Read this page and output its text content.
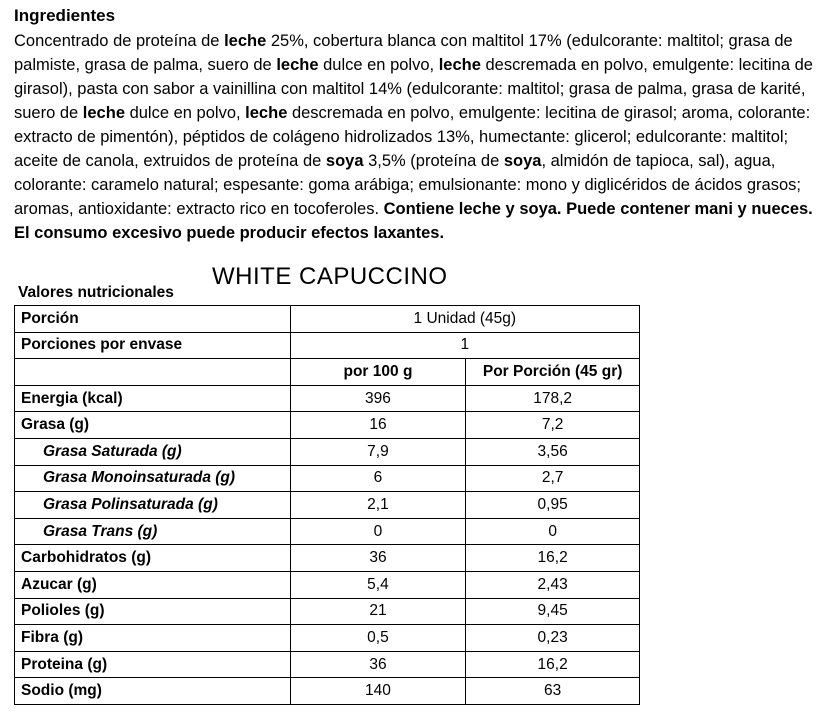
Ingredientes

Concentrado de proteína de leche 25%, cobertura blanca con maltitol 17% (edulcorante: maltitol; grasa de palmiste, grasa de palma, suero de leche dulce en polvo, leche descremada en polvo, emulgente: lecitina de girasol), pasta con sabor a vainillina con maltitol 14% (edulcorante: maltitol; grasa de palma, grasa de karité, suero de leche dulce en polvo, leche descremada en polvo, emulgente: lecitina de girasol; aroma, colorante: extracto de pimentón), péptidos de colágeno hidrolizados 13%, humectante: glicerol; edulcorante: maltitol; aceite de canola, extruidos de proteína de soya 3,5% (proteína de soya, almidón de tapioca, sal), agua, colorante: caramelo natural; espesante: goma arábiga; emulsionante: mono y diglicéridos de ácidos grasos; aromas, antioxidante: extracto rico en tocoferoles. Contiene leche y soya. Puede contener mani y nueces. El consumo excesivo puede producir efectos laxantes.

WHITE CAPUCCINO
Valores nutricionales
Porción	1 Unidad (45g)	
Porciones por envase	1	
	por 100 g	Por Porción (45 gr)
Energia (kcal)	396	178,2
Grasa (g)	16	7,2
Grasa Saturada (g)	7,9	3,56
Grasa Monoinsaturada (g)	6	2,7
Grasa Polinsaturada (g)	2,1	0,95
Grasa Trans (g)	0	0
Carbohidratos (g)	36	16,2
Azucar (g)	5,4	2,43
Polioles (g)	21	9,45
Fibra (g)	0,5	0,23
Proteina (g)	36	16,2
Sodio (mg)	140	63
